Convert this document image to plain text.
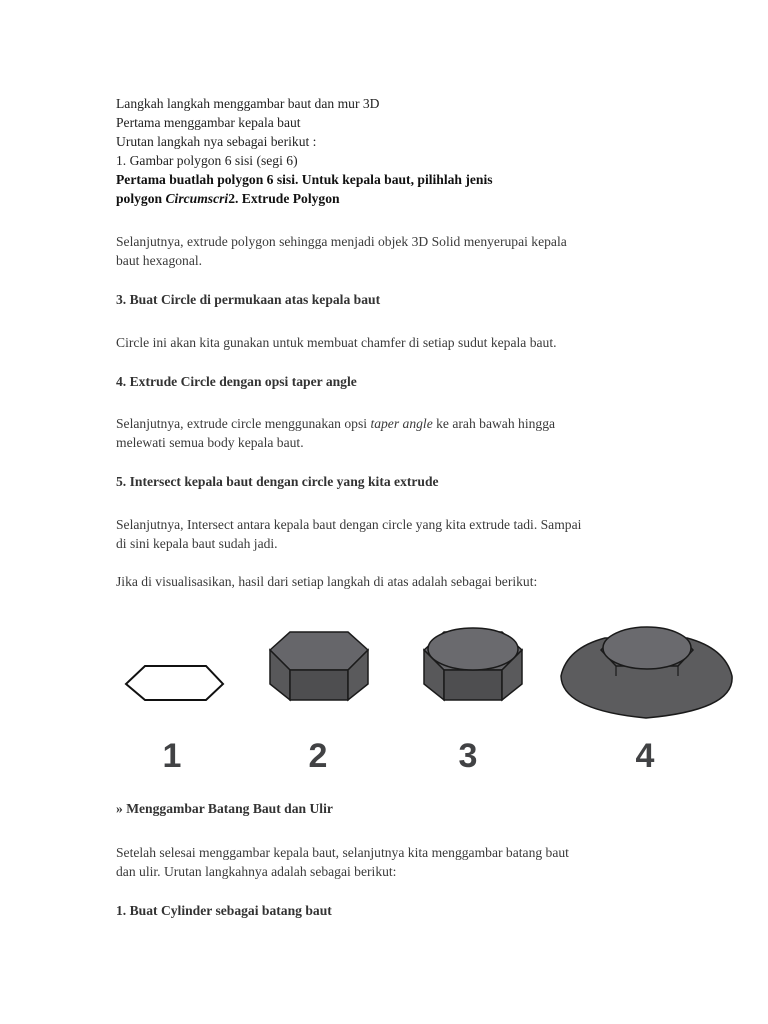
Langkah langkah menggambar baut dan mur 3D
Pertama menggambar kepala baut
Urutan langkah nya sebagai berikut :
1. Gambar polygon 6 sisi (segi 6)
Pertama buatlah polygon 6 sisi. Untuk kepala baut, pilihlah jenis
polygon Circumscri2. Extrude Polygon
Selanjutnya, extrude polygon sehingga menjadi objek 3D Solid menyerupai kepala
baut hexagonal.
3. Buat Circle di permukaan atas kepala baut
Circle ini akan kita gunakan untuk membuat chamfer di setiap sudut kepala baut.
4. Extrude Circle dengan opsi taper angle
Selanjutnya, extrude circle menggunakan opsi taper angle ke arah bawah hingga
melewati semua body kepala baut.
5. Intersect kepala baut dengan circle yang kita extrude
Selanjutnya, Intersect antara kepala baut dengan circle yang kita extrude tadi. Sampai
di sini kepala baut sudah jadi.
Jika di visualisasikan, hasil dari setiap langkah di atas adalah sebagai berikut:
1	2	3	4
» Menggambar Batang Baut dan Ulir
Setelah selesai menggambar kepala baut, selanjutnya kita menggambar batang baut
dan ulir. Urutan langkahnya adalah sebagai berikut:
1. Buat Cylinder sebagai batang baut
